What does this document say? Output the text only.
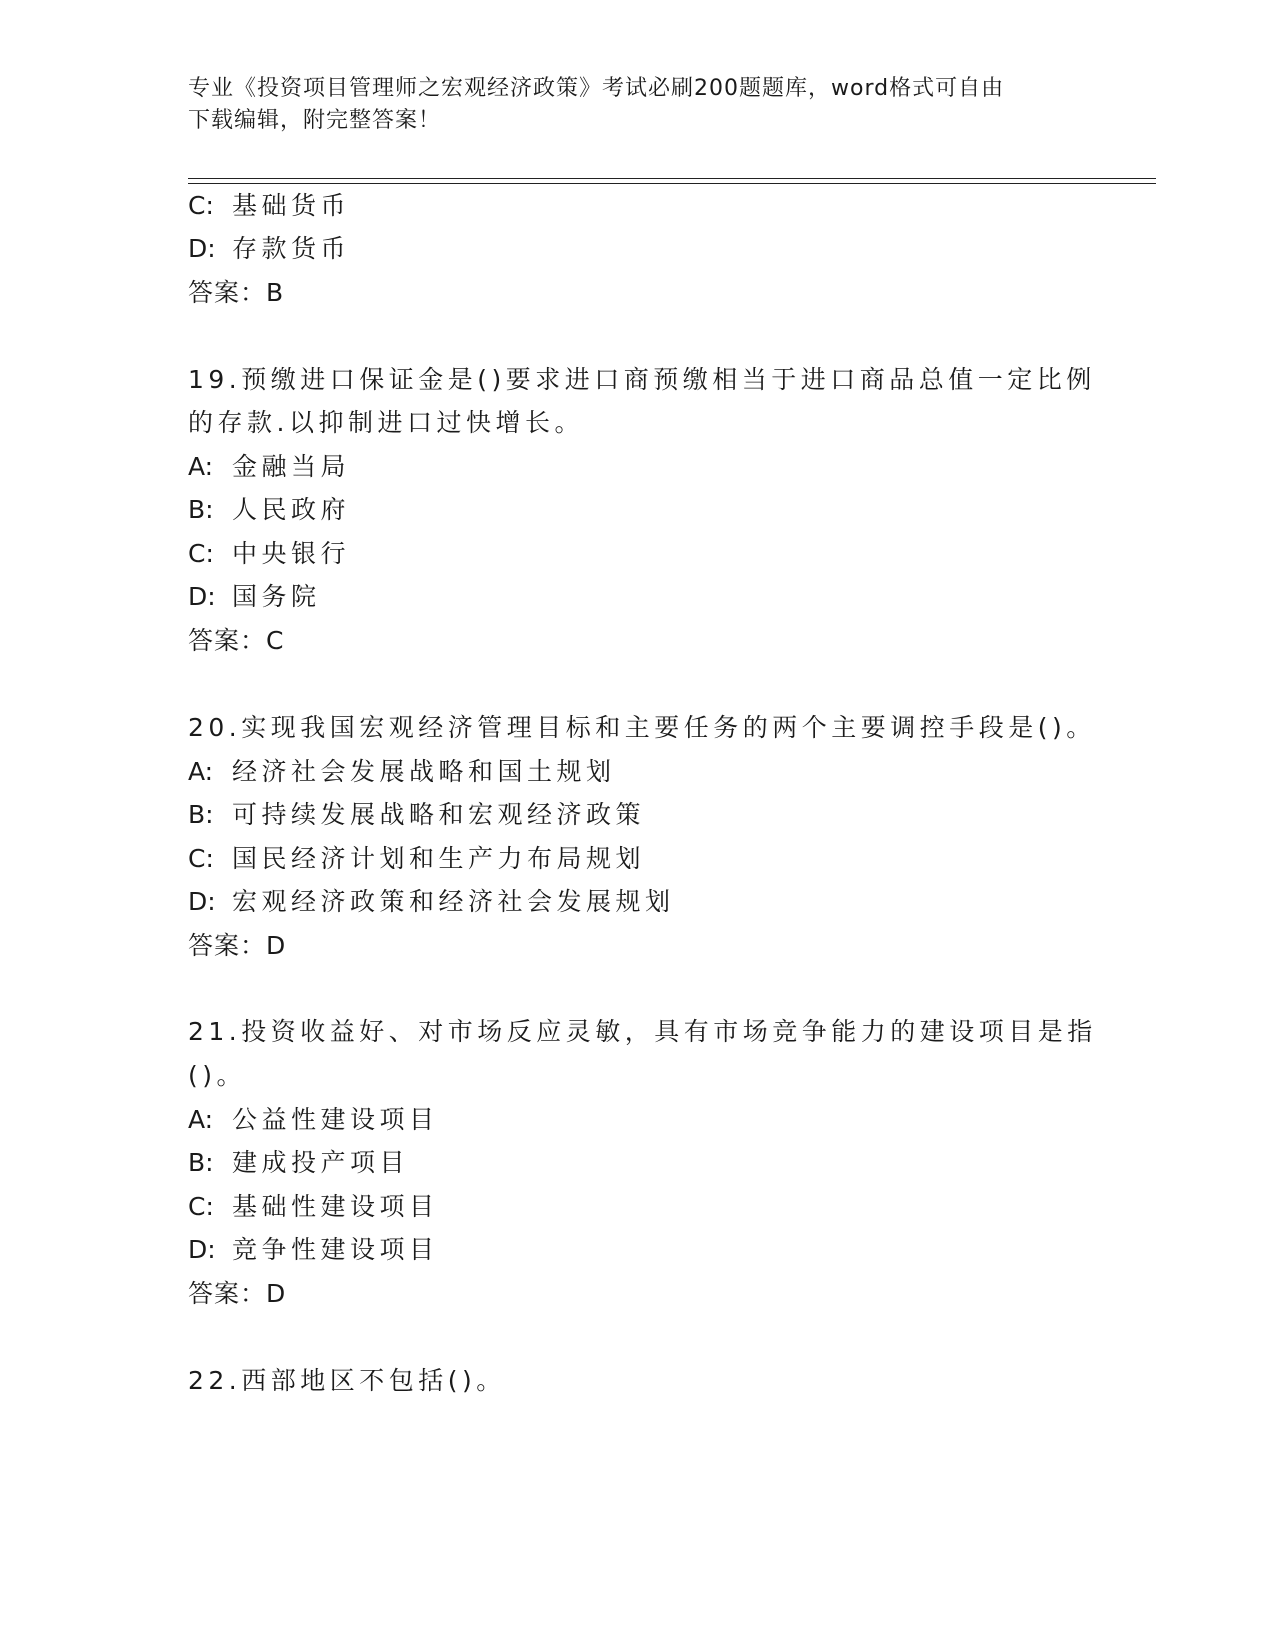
专业《投资项目管理师之宏观经济政策》考试必刷200题题库，word格式可自由
下载编辑，附完整答案！
C: 基础货币
D: 存款货币
答案：B
19.预缴进口保证金是()要求进口商预缴相当于进口商品总值一定比例
的存款.以抑制进口过快增长。
A: 金融当局
B: 人民政府
C: 中央银行
D: 国务院
答案：C
20.实现我国宏观经济管理目标和主要任务的两个主要调控手段是()。
A: 经济社会发展战略和国土规划
B: 可持续发展战略和宏观经济政策
C: 国民经济计划和生产力布局规划
D: 宏观经济政策和经济社会发展规划
答案：D
21.投资收益好、对市场反应灵敏，具有市场竞争能力的建设项目是指
()。
A: 公益性建设项目
B: 建成投产项目
C: 基础性建设项目
D: 竞争性建设项目
答案：D
22.西部地区不包括()。
